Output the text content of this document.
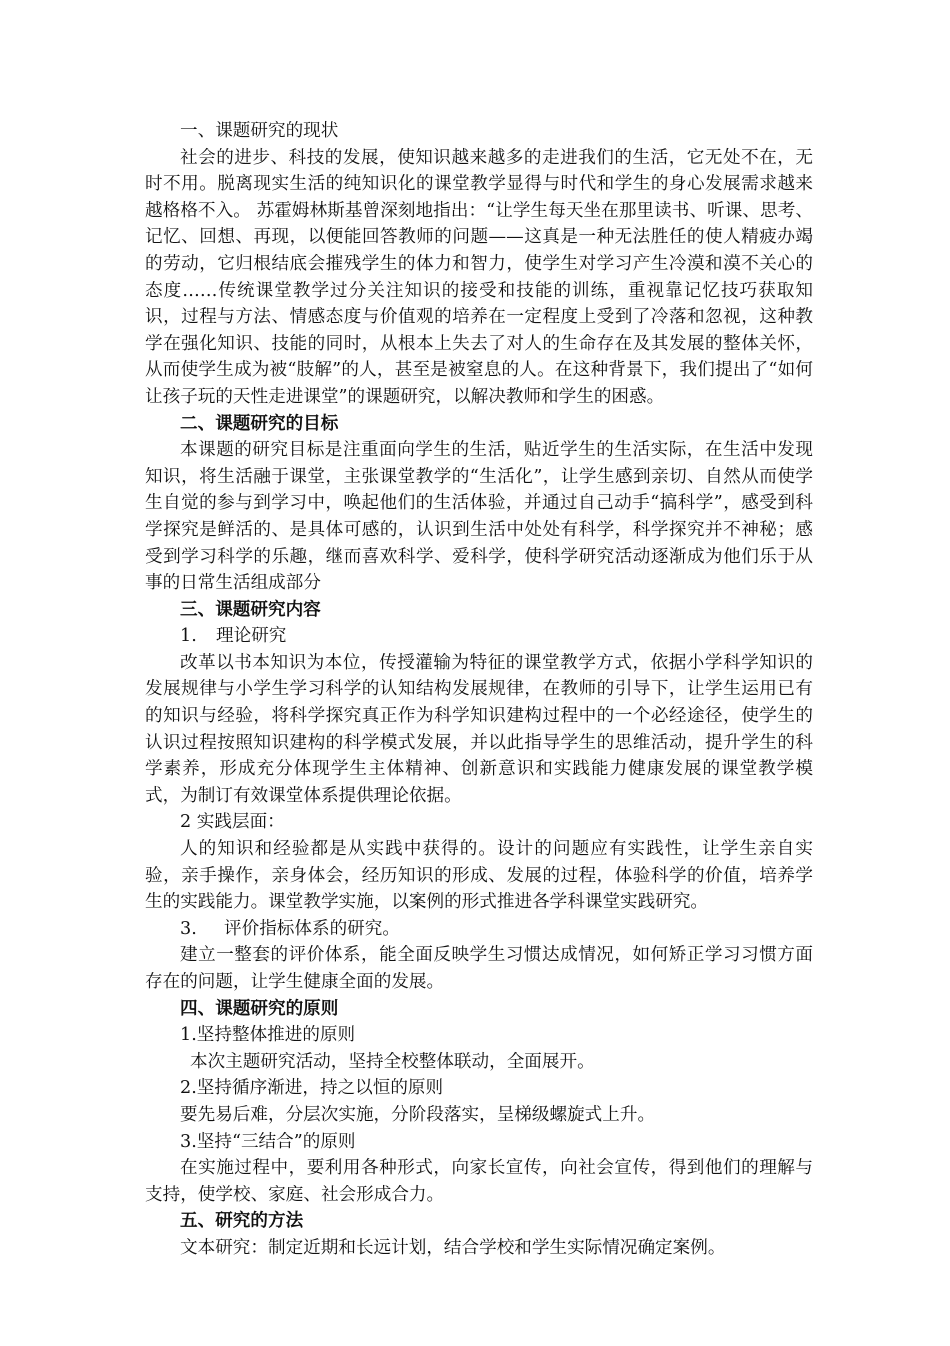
一、课题研究的现状

社会的进步、科技的发展，使知识越来越多的走进我们的生活，它无处不在，无时不用。脱离现实生活的纯知识化的课堂教学显得与时代和学生的身心发展需求越来越格格不入。 苏霍姆林斯基曾深刻地指出：“让学生每天坐在那里读书、听课、思考、记忆、回想、再现，以便能回答教师的问题——这真是一种无法胜任的使人精疲办竭的劳动，它归根结底会摧残学生的体力和智力，使学生对学习产生冷漠和漠不关心的态度……传统课堂教学过分关注知识的接受和技能的训练，重视靠记忆技巧获取知识，过程与方法、情感态度与价值观的培养在一定程度上受到了冷落和忽视，这种教学在强化知识、技能的同时，从根本上失去了对人的生命存在及其发展的整体关怀，从而使学生成为被“肢解”的人，甚至是被窒息的人。在这种背景下，我们提出了“如何让孩子玩的天性走进课堂”的课题研究，以解决教师和学生的困惑。

二、课题研究的目标

本课题的研究目标是注重面向学生的生活，贴近学生的生活实际，在生活中发现知识，将生活融于课堂，主张课堂教学的“生活化”，让学生感到亲切、自然从而使学生自觉的参与到学习中，唤起他们的生活体验，并通过自己动手“搞科学”，感受到科学探究是鲜活的、是具体可感的，认识到生活中处处有科学，科学探究并不神秘；感受到学习科学的乐趣，继而喜欢科学、爱科学，使科学研究活动逐渐成为他们乐于从事的日常生活组成部分

三、课题研究内容

1. 理论研究

改革以书本知识为本位，传授灌输为特征的课堂教学方式，依据小学科学知识的发展规律与小学生学习科学的认知结构发展规律，在教师的引导下，让学生运用已有的知识与经验，将科学探究真正作为科学知识建构过程中的一个必经途径，使学生的认识过程按照知识建构的科学模式发展，并以此指导学生的思维活动，提升学生的科学素养，形成充分体现学生主体精神、创新意识和实践能力健康发展的课堂教学模式，为制订有效课堂体系提供理论依据。

2 实践层面：

人的知识和经验都是从实践中获得的。设计的问题应有实践性，让学生亲自实验，亲手操作，亲身体会，经历知识的形成、发展的过程，体验科学的价值，培养学生的实践能力。课堂教学实施，以案例的形式推进各学科课堂实践研究。

3. 评价指标体系的研究。

建立一整套的评价体系，能全面反映学生习惯达成情况，如何矫正学习习惯方面存在的问题，让学生健康全面的发展。

四、课题研究的原则

1.坚持整体推进的原则

本次主题研究活动，坚持全校整体联动，全面展开。

2.坚持循序渐进，持之以恒的原则

要先易后难，分层次实施，分阶段落实，呈梯级螺旋式上升。

3.坚持“三结合”的原则

在实施过程中，要利用各种形式，向家长宣传，向社会宣传，得到他们的理解与支持，使学校、家庭、社会形成合力。

五、研究的方法

文本研究：制定近期和长远计划，结合学校和学生实际情况确定案例。
